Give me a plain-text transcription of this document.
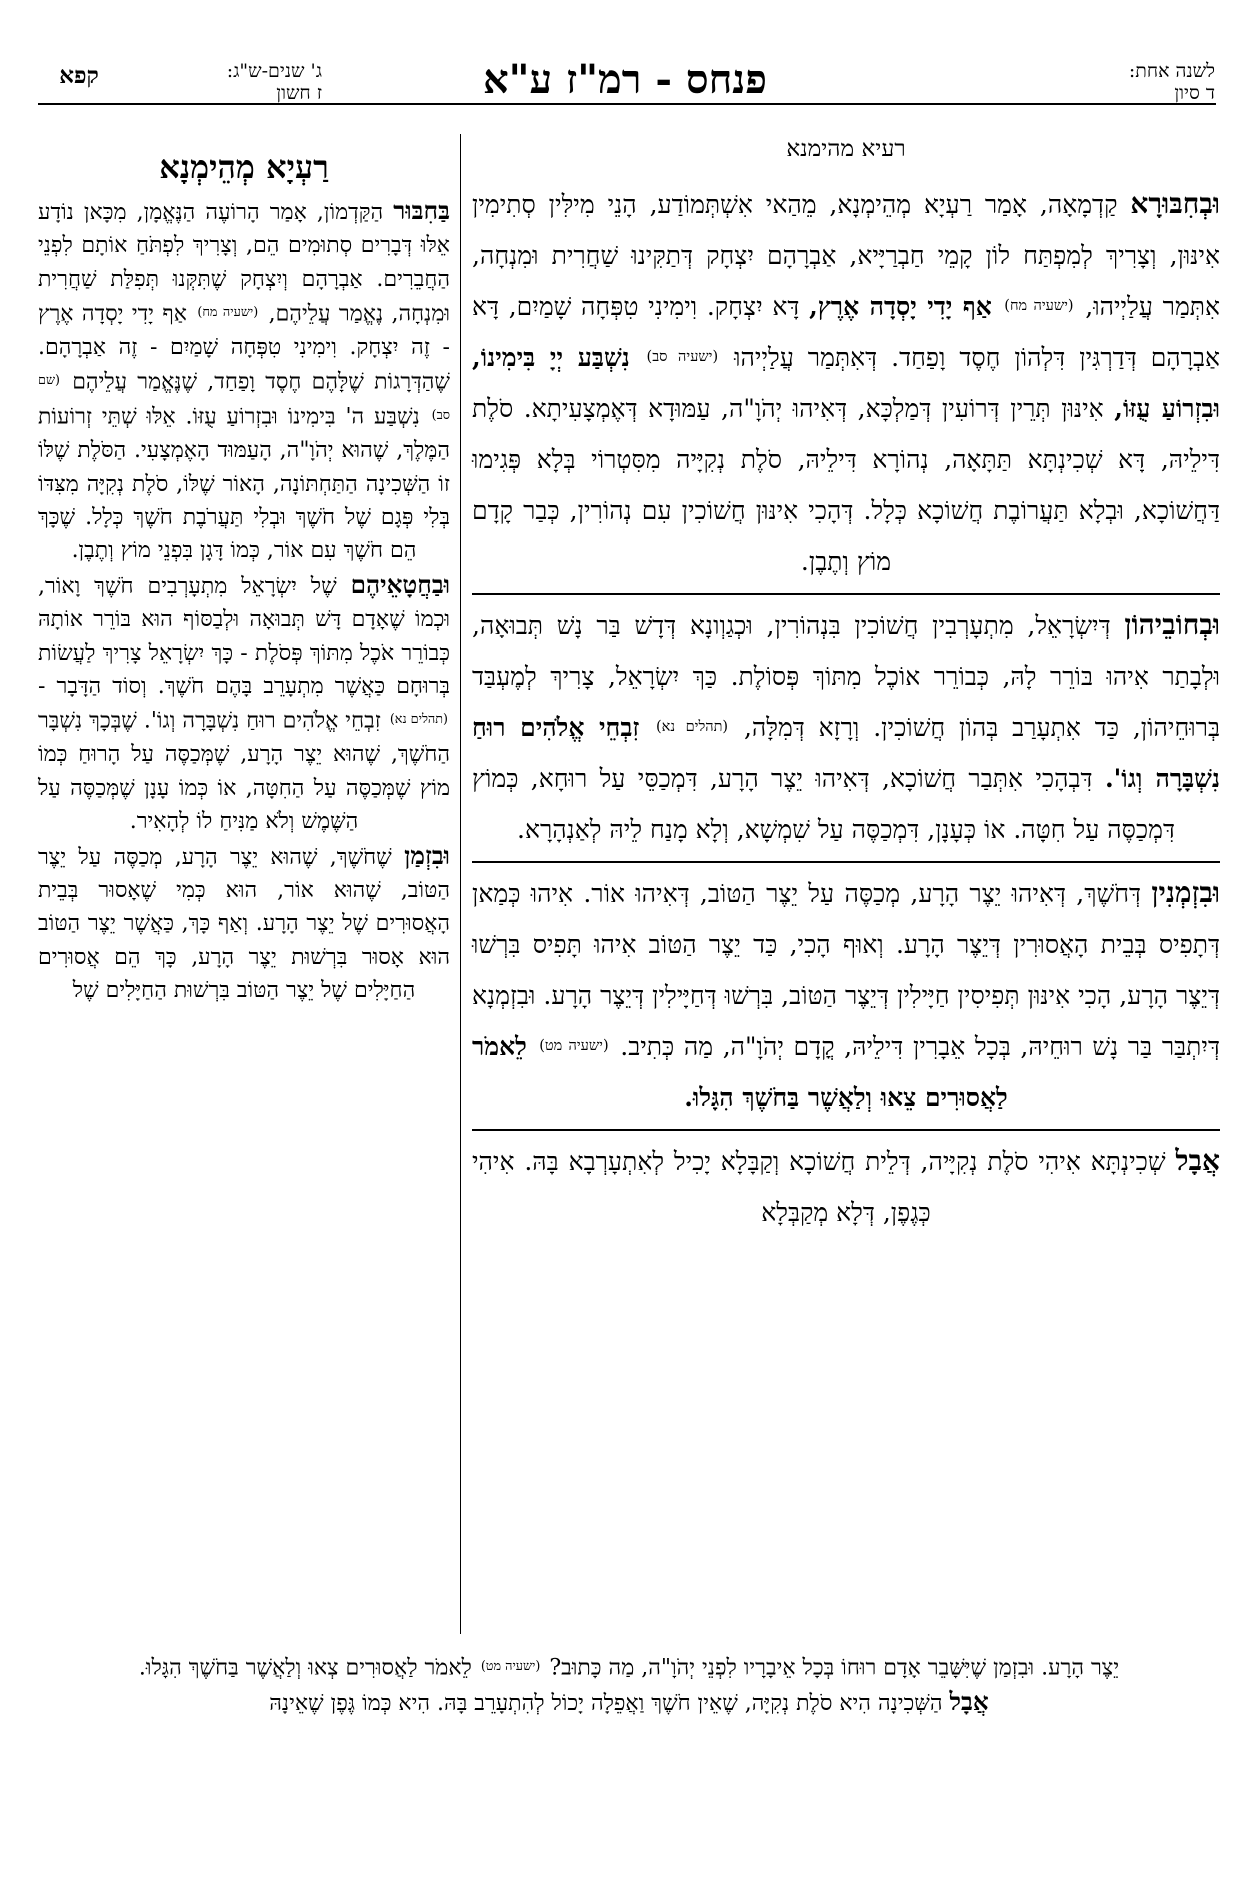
לשנה אחת:
ד סיון
פנחס - רמ"ז ע"א
ג' שנים-ש"ג:
ז חשון
קפא
רעיא מהימנא

וּבְחִבּוּרָא קַדְמָאָה, אָמַר רַעְיָא מְהֵימְנָא, מֵהַאי אִשְׁתְּמוֹדַע, הָנֵי מִילִּין סְתִימִין אִינּוּן, וְצָרִיךְ לְמִפְתַּח לוֹן קָמֵי חַבְרַיָּיא, אַבְרָהָם יִצְחָק דְּתַקִּינוּ שַׁחֲרִית וּמִנְחָה, אִתְּמַר עֲלַיְיהוּ, $^{(ישעיה מח)}$ אַף יָדִי יָסְדָה אֶרֶץ, דָּא יִצְחָק. וִימִינִי טִפְּחָה שָׁמַיִם, דָּא אַבְרָהָם דְּדַרְגִּין דִּלְהוֹן חֶסֶד וָפַחַד. דְּאִתְּמַר עֲלַיְיהוּ $^{(ישעיה סב)}$ נִשְׁבַּע יְיָ בִּימִינוֹ, וּבִזְרוֹעַ עֻזּוֹ, אִינּוּן תְּרֵין דְּרוֹעִין דְּמַלְכָּא, דְּאִיהוּ יְהֹוָ"ה, עַמּוּדָא דְּאֶמְצָעִיתָא. סֹלֶת דִּילֵיהּ, דָּא שְׁכִינְתָּא תַּתָּאָה, נְהוֹרָא דִּילֵיהּ, סֹלֶת נְקִיָּיה מִסִּטְרוֹי בְּלָא פְּגִימוּ דַּחֲשׁוֹכָא, וּבְלָא תַּעֲרוֹבֶת חֲשׁוֹכָא כְּלָל. דְּהָכִי אִינּוּן חֲשׁוֹכִין עִם נְהוֹרִין, כְּבַר קָדָם מוֹץ וְתֶבֶן.

וּבְחוֹבֵיהוֹן דְּיִשְׂרָאֵל, מִתְעָרְבִין חֲשׁוֹכִין בִּנְהוֹרִין, וּכְגַוְונָא דְּדָשׁ בַּר נָשׁ תְּבוּאָה, וּלְבָתַר אִיהוּ בּוֹרֵר לָהּ, כְּבוֹרֵר אוֹכֶל מִתּוֹךְ פְּסוֹלֶת. כַּךְ יִשְׂרָאֵל, צָרִיךְ לְמֶעְבַּד בְּרוּחֵיהוֹן, כַּד אִתְעָרַב בְּהוֹן חֲשׁוֹכִין. וְרָזָא דְּמִלָּה, $^{(תהלים נא)}$ זִבְחֵי אֱלֹהִים רוּחַ נִשְׁבָּרָה וְגוֹ'. דִּבְהָכִי אִתְּבַר חֲשׁוֹכָא, דְּאִיהוּ יֵצֶר הָרָע, דִּמְכַסֵּי עַל רוּחָא, כְּמוֹץ דִּמְכַסֶּה עַל חִטָּה. אוֹ כְּעָנָן, דִּמְכַסֶּה עַל שִׁמְשָׁא, וְלָא מָנַח לֵיהּ לְאַנְהָרָא.

וּבִזְמְנִין דְּחֹשֶׁךְ, דְּאִיהוּ יֵצֶר הָרָע, מְכַסֶּה עַל יֵצֶר הַטּוֹב, דְּאִיהוּ אוֹר. אִיהוּ כְּמַאן דְּתָפִיס בְּבֵית הָאֲסוּרִין דְּיֵצֶר הָרָע. וְאוּף הָכִי, כַּד יֵצֶר הַטּוֹב אִיהוּ תָּפִיס בִּרְשׁוּ דְּיֵצֶר הָרָע, הָכִי אִינּוּן תְּפִיסִין חַיָּילִין דְּיֵצֶר הַטּוֹב, בִּרְשׁוּ דְּחַיָּילִין דְּיֵצֶר הָרָע. וּבִזְמְנָא דְּיִתְבַּר בַּר נָשׁ רוּחֵיהּ, בְּכָל אֵבָרִין דִּילֵיהּ, קֳדָם יְהֹוָ"ה, מַה כְּתִיב. $^{(ישעיה מט)}$ לֵאמֹר לַאֲסוּרִים צֵאוּ וְלַאֲשֶׁר בַּחֹשֶׁךְ הִגָּלוּ.

אֲבָל שְׁכִינְתָּא אִיהִי סֹלֶת נְקִיָּיה, דְּלֵית חֲשׁוֹכָא וְקַבָּלָא יָכִיל לְאִתְעָרְבָא בָּהּ. אִיהִי כְּגֶפֶן, דְּלָא מְקַבְּלָא

רַעְיָא מְהֵימְנָא

בַּחִבּוּר הַקַּדְמוֹן, אָמַר הָרוֹעֶה הַנֶּאֱמָן, מִכָּאן נוֹדָע אֵלּוּ דְּבָרִים סְתוּמִים הֵם, וְצָרִיךְ לִפְתֹּחַ אוֹתָם לִפְנֵי הַחֲבֵרִים. אַבְרָהָם וְיִצְחָק שֶׁתִּקְּנוּ תְּפִלַּת שַׁחֲרִית וּמִנְחָה, נֶאֱמַר עֲלֵיהֶם, $^{(ישעיה מח)}$ אַף יָדִי יָסְדָה אֶרֶץ - זֶה יִצְחָק. וִימִינִי טִפְּחָה שָׁמַיִם - זֶה אַבְרָהָם. שֶׁהַדְּרָגוֹת שֶׁלָּהֶם חֶסֶד וָפַחַד, שֶׁנֶּאֱמַר עֲלֵיהֶם $^{(שם סב)}$ נִשְׁבַּע ה' בִּימִינוֹ וּבִזְרוֹעַ עֻזּוֹ. אֵלּוּ שְׁתֵּי זְרוֹעוֹת הַמֶּלֶךְ, שֶׁהוּא יְהֹוָ"ה, הָעַמּוּד הָאֶמְצָעִי. הַסֹּלֶת שֶׁלּוֹ זוֹ הַשְּׁכִינָה הַתַּחְתּוֹנָה, הָאוֹר שֶׁלּוֹ, סֹלֶת נְקִיָּה מִצִּדּוֹ בְּלִי פְּגָם שֶׁל חֹשֶׁךְ וּבְלִי תַּעֲרֹבֶת חֹשֶׁךְ כְּלָל. שֶׁכָּךְ הֵם חֹשֶׁךְ עִם אוֹר, כְּמוֹ דָּגָן בִּפְנֵי מוֹץ וְתֶבֶן.

וּבַחֲטָאֵיהֶם שֶׁל יִשְׂרָאֵל מִתְעָרְבִים חֹשֶׁךְ וָאוֹר, וּכְמוֹ שֶׁאָדָם דָּשׁ תְּבוּאָה וּלְבַסּוֹף הוּא בּוֹרֵר אוֹתָהּ כְּבוֹרֵר אֹכֶל מִתּוֹךְ פְּסֹלֶת - כָּךְ יִשְׂרָאֵל צָרִיךְ לַעֲשׂוֹת בְּרוּחָם כַּאֲשֶׁר מִתְעָרֵב בָּהֶם חֹשֶׁךְ. וְסוֹד הַדָּבָר - $^{(תהלים נא)}$ זִבְחֵי אֱלֹהִים רוּחַ נִשְׁבָּרָה וְגוֹ'. שֶׁבְּכָךְ נִשְׁבָּר הַחֹשֶׁךְ, שֶׁהוּא יֵצֶר הָרָע, שֶׁמְּכַסֶּה עַל הָרוּחַ כְּמוֹ מוֹץ שֶׁמְּכַסֶּה עַל הַחִטָּה, אוֹ כְּמוֹ עָנָן שֶׁמְּכַסֶּה עַל הַשֶּׁמֶשׁ וְלֹא מַנִּיחַ לוֹ לְהָאִיר.

וּבִזְמַן שֶׁחֹשֶׁךְ, שֶׁהוּא יֵצֶר הָרָע, מְכַסֶּה עַל יֵצֶר הַטּוֹב, שֶׁהוּא אוֹר, הוּא כְּמִי שֶׁאָסוּר בְּבֵית הָאֲסוּרִים שֶׁל יֵצֶר הָרָע. וְאַף כָּךְ, כַּאֲשֶׁר יֵצֶר הַטּוֹב הוּא אָסוּר בִּרְשׁוּת יֵצֶר הָרָע, כָּךְ הֵם אֲסוּרִים הַחַיָּלִים שֶׁל יֵצֶר הַטּוֹב בִּרְשׁוּת הַחַיָּלִים שֶׁל

יֵצֶר הָרָע. וּבִזְמַן שֶׁיִּשָּׁבֵר אָדָם רוּחוֹ בְּכָל אֵיבָרָיו לִפְנֵי יְהֹוָ"ה, מַה כָּתוּב? $^{(ישעיה מט)}$ לֵאמֹר לַאֲסוּרִים צְאוּ וְלַאֲשֶׁר בַּחֹשֶׁךְ הִגָּלוּ.

אֲבָל הַשְּׁכִינָה הִיא סֹלֶת נְקִיָּה, שֶׁאֵין חֹשֶׁךְ וַאֲפֵלָה יָכוֹל לְהִתְעָרֵב בָּהּ. הִיא כְּמוֹ גֶּפֶן שֶׁאֵינָהּ
